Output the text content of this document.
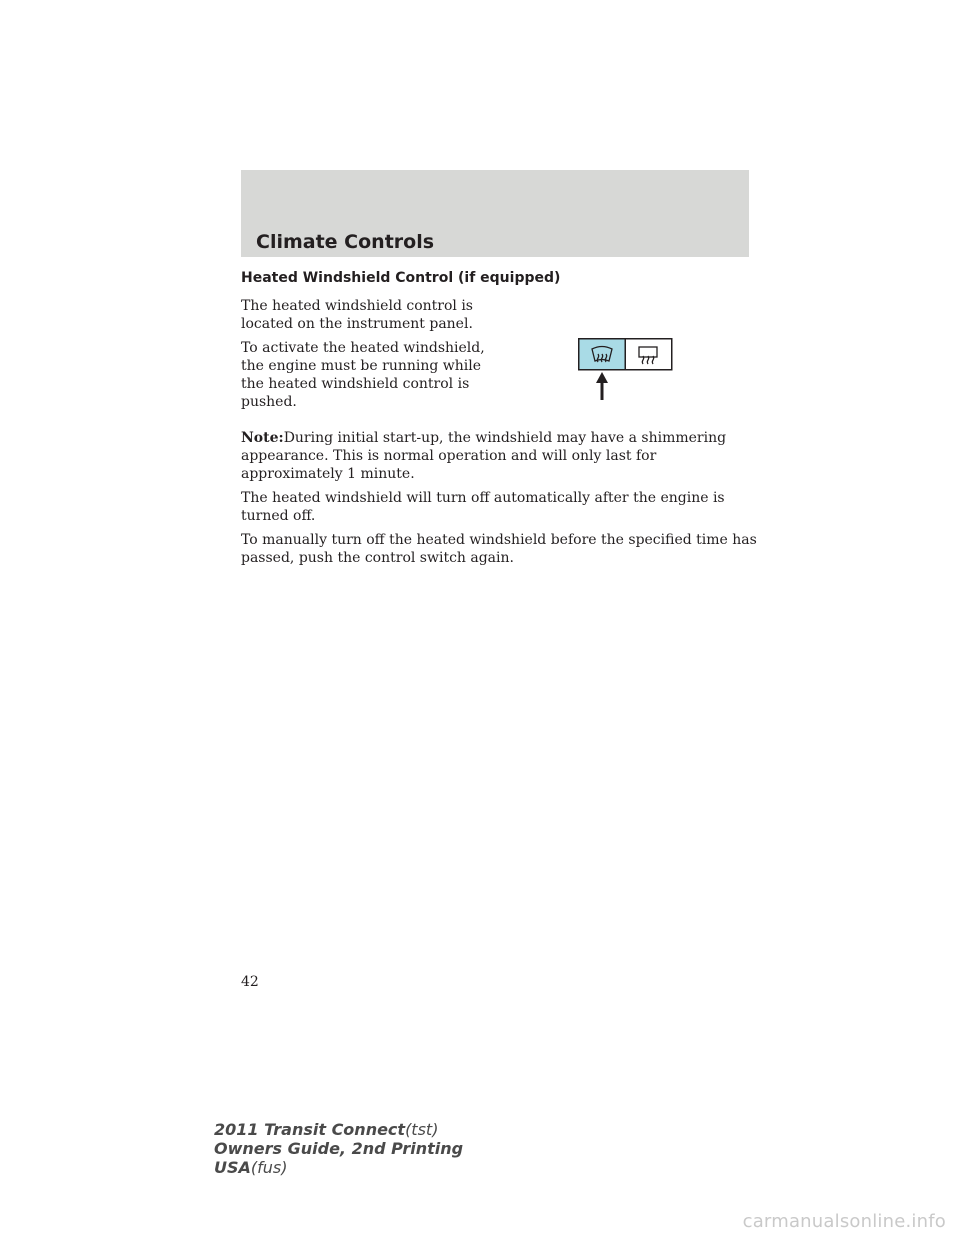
Climate Controls
Heated Windshield Control (if equipped)

The heated windshield control is located on the instrument panel.

To activate the heated windshield, the engine must be running while the heated windshield control is pushed.

Note:During initial start-up, the windshield may have a shimmering appearance. This is normal operation and will only last for approximately 1 minute.

The heated windshield will turn off automatically after the engine is turned off.

To manually turn off the heated windshield before the specified time has passed, push the control switch again.

42
2011 Transit Connect(tst)
Owners Guide, 2nd Printing
USA(fus)
carmanualsonline.info
